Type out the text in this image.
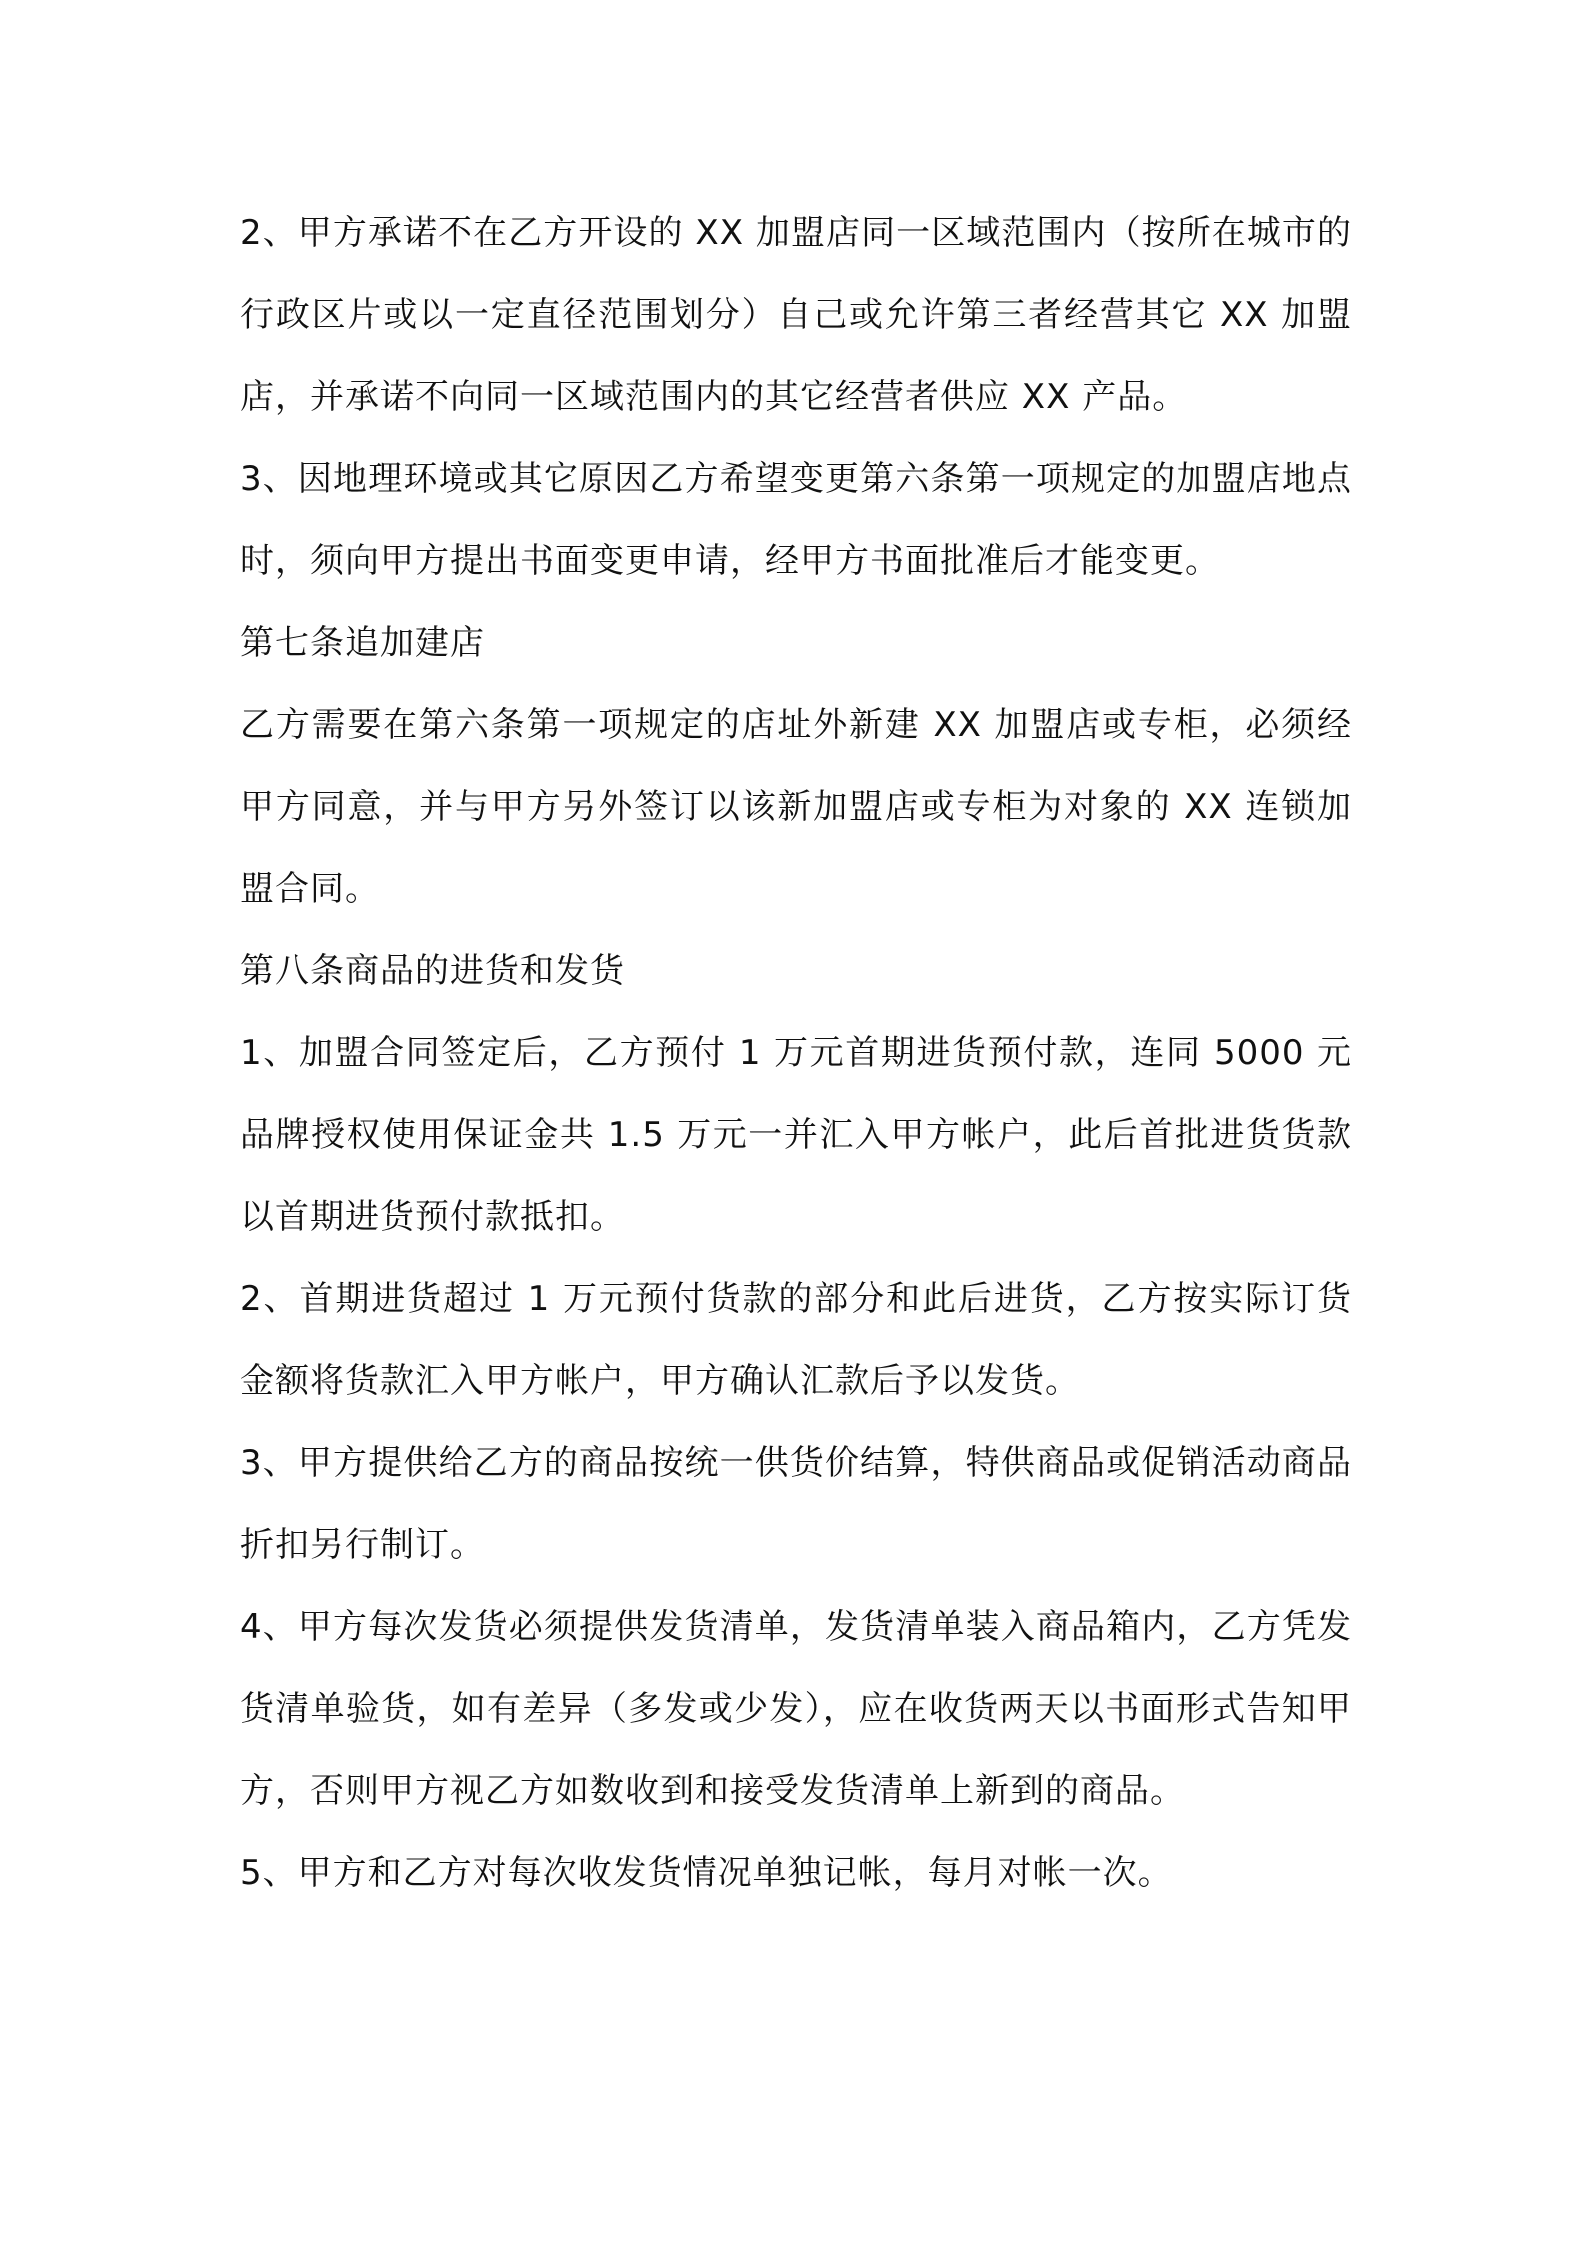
2、甲方承诺不在乙方开设的 XX 加盟店同一区域范围内（按所在城市的行政区片或以一定直径范围划分）自己或允许第三者经营其它 XX 加盟店，并承诺不向同一区域范围内的其它经营者供应 XX 产品。

3、因地理环境或其它原因乙方希望变更第六条第一项规定的加盟店地点时，须向甲方提出书面变更申请，经甲方书面批准后才能变更。

第七条追加建店

乙方需要在第六条第一项规定的店址外新建 XX 加盟店或专柜，必须经甲方同意，并与甲方另外签订以该新加盟店或专柜为对象的 XX 连锁加盟合同。

第八条商品的进货和发货

1、加盟合同签定后，乙方预付 1 万元首期进货预付款，连同 5000 元品牌授权使用保证金共 1.5 万元一并汇入甲方帐户，此后首批进货货款以首期进货预付款抵扣。

2、首期进货超过 1 万元预付货款的部分和此后进货，乙方按实际订货金额将货款汇入甲方帐户，甲方确认汇款后予以发货。

3、甲方提供给乙方的商品按统一供货价结算，特供商品或促销活动商品折扣另行制订。

4、甲方每次发货必须提供发货清单，发货清单装入商品箱内，乙方凭发货清单验货，如有差异（多发或少发），应在收货两天以书面形式告知甲方，否则甲方视乙方如数收到和接受发货清单上新到的商品。

5、甲方和乙方对每次收发货情况单独记帐，每月对帐一次。
